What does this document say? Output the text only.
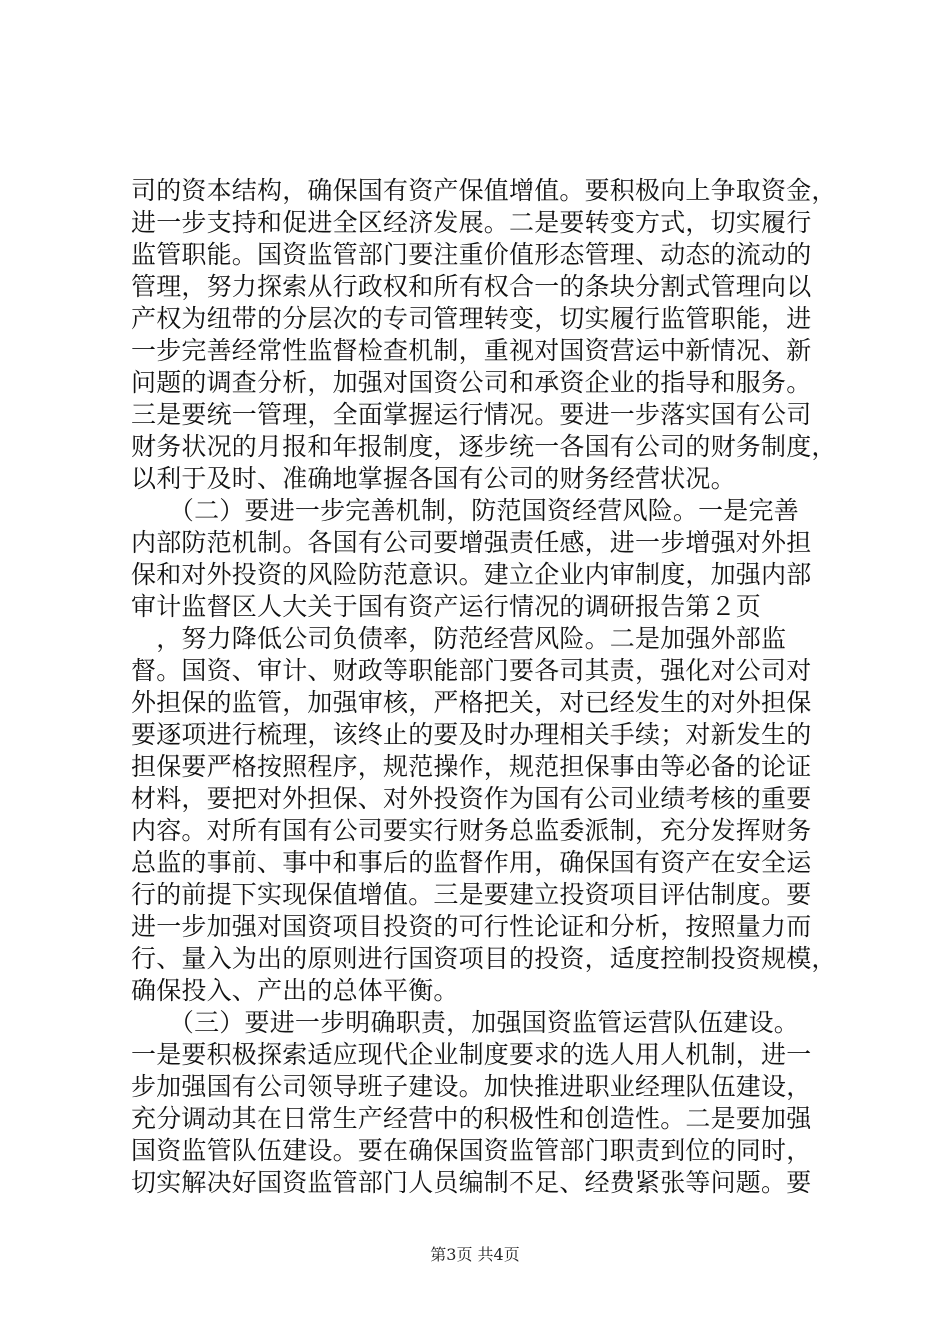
司的资本结构，确保国有资产保值增值。要积极向上争取资金，
进一步支持和促进全区经济发展。二是要转变方式，切实履行
监管职能。国资监管部门要注重价值形态管理、动态的流动的
管理，努力探索从行政权和所有权合一的条块分割式管理向以
产权为纽带的分层次的专司管理转变，切实履行监管职能，进
一步完善经常性监督检查机制，重视对国资营运中新情况、新
问题的调查分析，加强对国资公司和承资企业的指导和服务。
三是要统一管理，全面掌握运行情况。要进一步落实国有公司
财务状况的月报和年报制度，逐步统一各国有公司的财务制度，
以利于及时、准确地掌握各国有公司的财务经营状况。
　　（二）要进一步完善机制，防范国资经营风险。一是完善
内部防范机制。各国有公司要增强责任感，进一步增强对外担
保和对外投资的风险防范意识。建立企业内审制度，加强内部
审计监督区人大关于国有资产运行情况的调研报告第２页
　，努力降低公司负债率，防范经营风险。二是加强外部监
督。国资、审计、财政等职能部门要各司其责，强化对公司对
外担保的监管，加强审核，严格把关，对已经发生的对外担保
要逐项进行梳理，该终止的要及时办理相关手续；对新发生的
担保要严格按照程序，规范操作，规范担保事由等必备的论证
材料，要把对外担保、对外投资作为国有公司业绩考核的重要
内容。对所有国有公司要实行财务总监委派制，充分发挥财务
总监的事前、事中和事后的监督作用，确保国有资产在安全运
行的前提下实现保值增值。三是要建立投资项目评估制度。要
进一步加强对国资项目投资的可行性论证和分析，按照量力而
行、量入为出的原则进行国资项目的投资，适度控制投资规模，
确保投入、产出的总体平衡。
　　（三）要进一步明确职责，加强国资监管运营队伍建设。
一是要积极探索适应现代企业制度要求的选人用人机制，进一
步加强国有公司领导班子建设。加快推进职业经理队伍建设，
充分调动其在日常生产经营中的积极性和创造性。二是要加强
国资监管队伍建设。要在确保国资监管部门职责到位的同时，
切实解决好国资监管部门人员编制不足、经费紧张等问题。要
第3页 共4页
